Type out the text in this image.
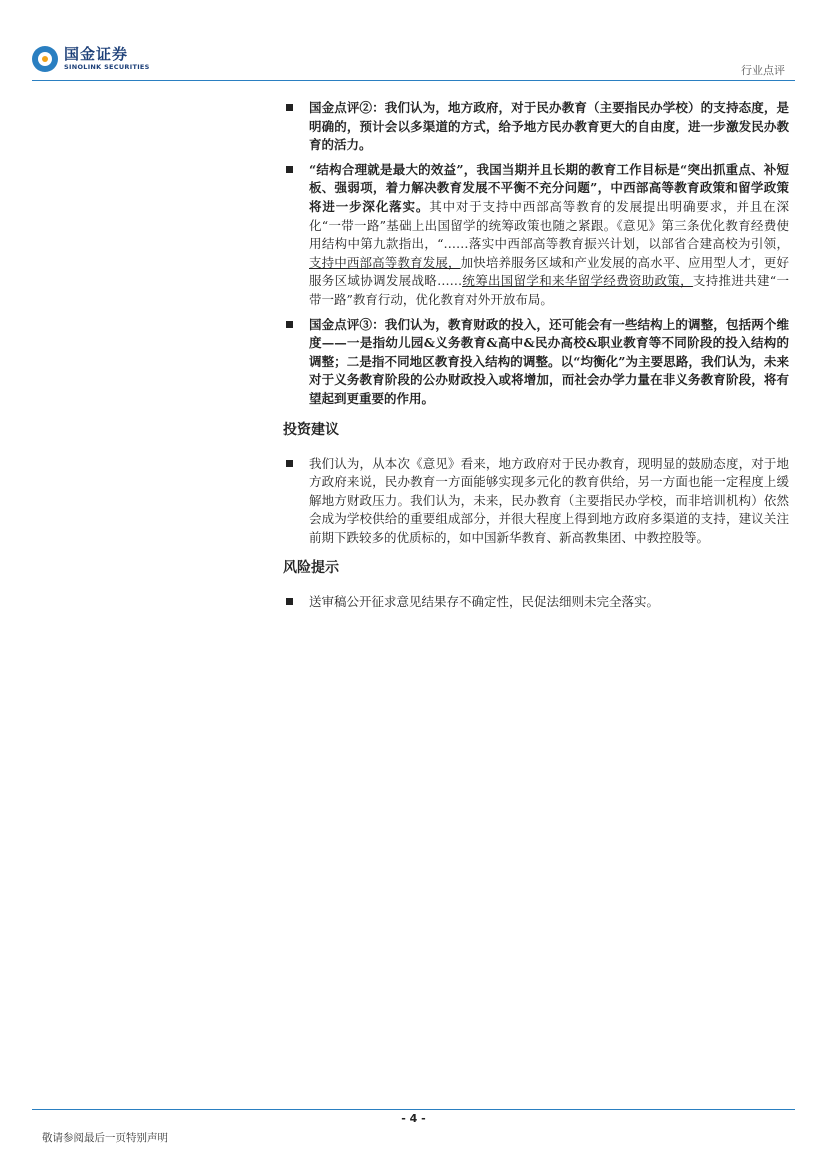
国金证券
SINOLINK SECURITIES	行业点评
国金点评②：我们认为，地方政府，对于民办教育（主要指民办学校）的支持态度，是明确的，预计会以多渠道的方式，给予地方民办教育更大的自由度，进一步激发民办教育的活力。
“结构合理就是最大的效益”，我国当期并且长期的教育工作目标是“突出抓重点、补短板、强弱项，着力解决教育发展不平衡不充分问题”，中西部高等教育政策和留学政策将进一步深化落实。其中对于支持中西部高等教育的发展提出明确要求，并且在深化“一带一路”基础上出国留学的统筹政策也随之紧跟。《意见》第三条优化教育经费使用结构中第九款指出，“……落实中西部高等教育振兴计划，以部省合建高校为引领，支持中西部高等教育发展，加快培养服务区域和产业发展的高水平、应用型人才，更好服务区域协调发展战略……统筹出国留学和来华留学经费资助政策，支持推进共建“一带一路”教育行动，优化教育对外开放布局。
国金点评③：我们认为，教育财政的投入，还可能会有一些结构上的调整，包括两个维度——一是指幼儿园&义务教育&高中&民办高校&职业教育等不同阶段的投入结构的调整；二是指不同地区教育投入结构的调整。以“均衡化”为主要思路，我们认为，未来对于义务教育阶段的公办财政投入或将增加，而社会办学力量在非义务教育阶段，将有望起到更重要的作用。
投资建议
我们认为，从本次《意见》看来，地方政府对于民办教育，现明显的鼓励态度，对于地方政府来说，民办教育一方面能够实现多元化的教育供给，另一方面也能一定程度上缓解地方财政压力。我们认为，未来，民办教育（主要指民办学校，而非培训机构）依然会成为学校供给的重要组成部分，并很大程度上得到地方政府多渠道的支持，建议关注前期下跌较多的优质标的，如中国新华教育、新高教集团、中教控股等。
风险提示
送审稿公开征求意见结果存不确定性，民促法细则未完全落实。
- 4 -
敬请参阅最后一页特别声明
